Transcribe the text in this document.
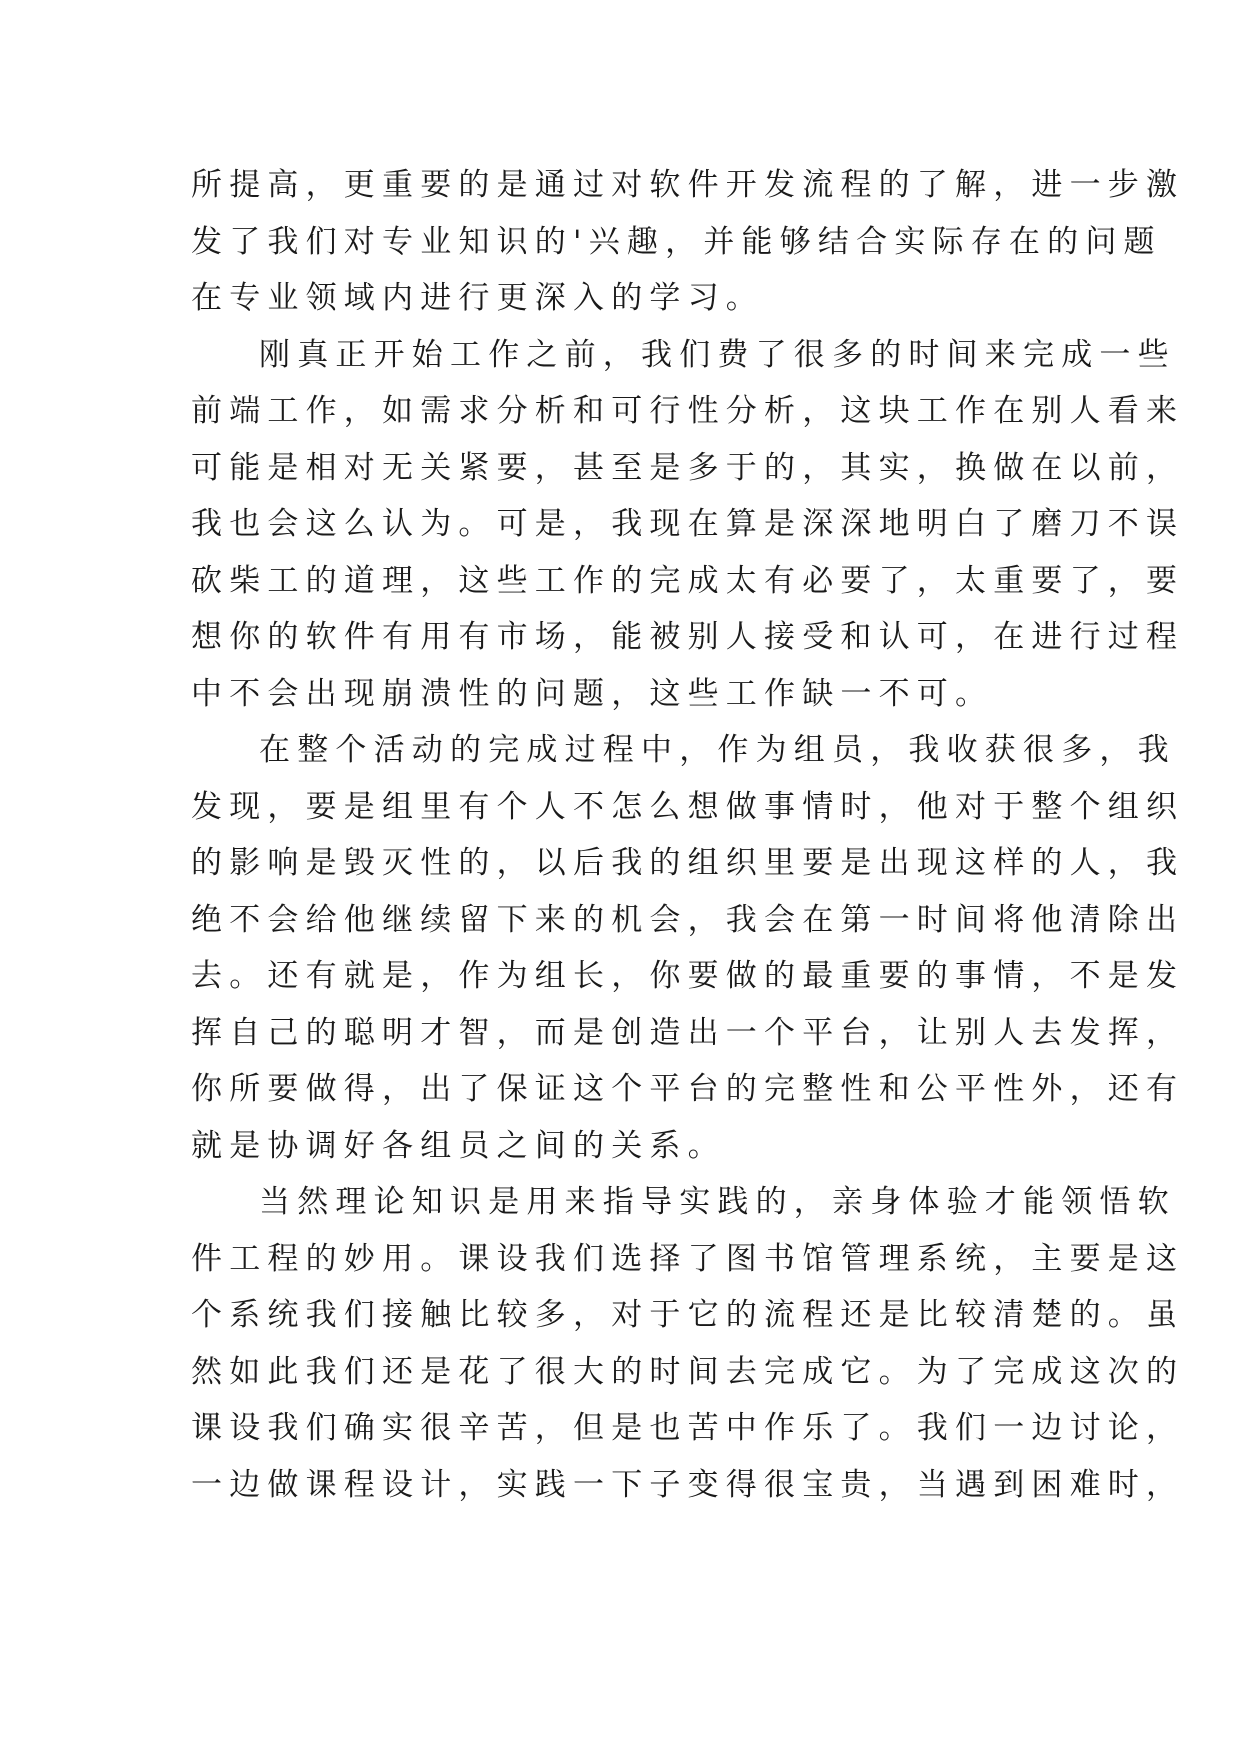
所提高，更重要的是通过对软件开发流程的了解，进一步激
发了我们对专业知识的'兴趣，并能够结合实际存在的问题
在专业领域内进行更深入的学习。
刚真正开始工作之前，我们费了很多的时间来完成一些
前端工作，如需求分析和可行性分析，这块工作在别人看来
可能是相对无关紧要，甚至是多于的，其实，换做在以前，
我也会这么认为。可是，我现在算是深深地明白了磨刀不误
砍柴工的道理，这些工作的完成太有必要了，太重要了，要
想你的软件有用有市场，能被别人接受和认可，在进行过程
中不会出现崩溃性的问题，这些工作缺一不可。
在整个活动的完成过程中，作为组员，我收获很多，我
发现，要是组里有个人不怎么想做事情时，他对于整个组织
的影响是毁灭性的，以后我的组织里要是出现这样的人，我
绝不会给他继续留下来的机会，我会在第一时间将他清除出
去。还有就是，作为组长，你要做的最重要的事情，不是发
挥自己的聪明才智，而是创造出一个平台，让别人去发挥，
你所要做得，出了保证这个平台的完整性和公平性外，还有
就是协调好各组员之间的关系。
当然理论知识是用来指导实践的，亲身体验才能领悟软
件工程的妙用。课设我们选择了图书馆管理系统，主要是这
个系统我们接触比较多，对于它的流程还是比较清楚的。虽
然如此我们还是花了很大的时间去完成它。为了完成这次的
课设我们确实很辛苦，但是也苦中作乐了。我们一边讨论，
一边做课程设计，实践一下子变得很宝贵，当遇到困难时，
